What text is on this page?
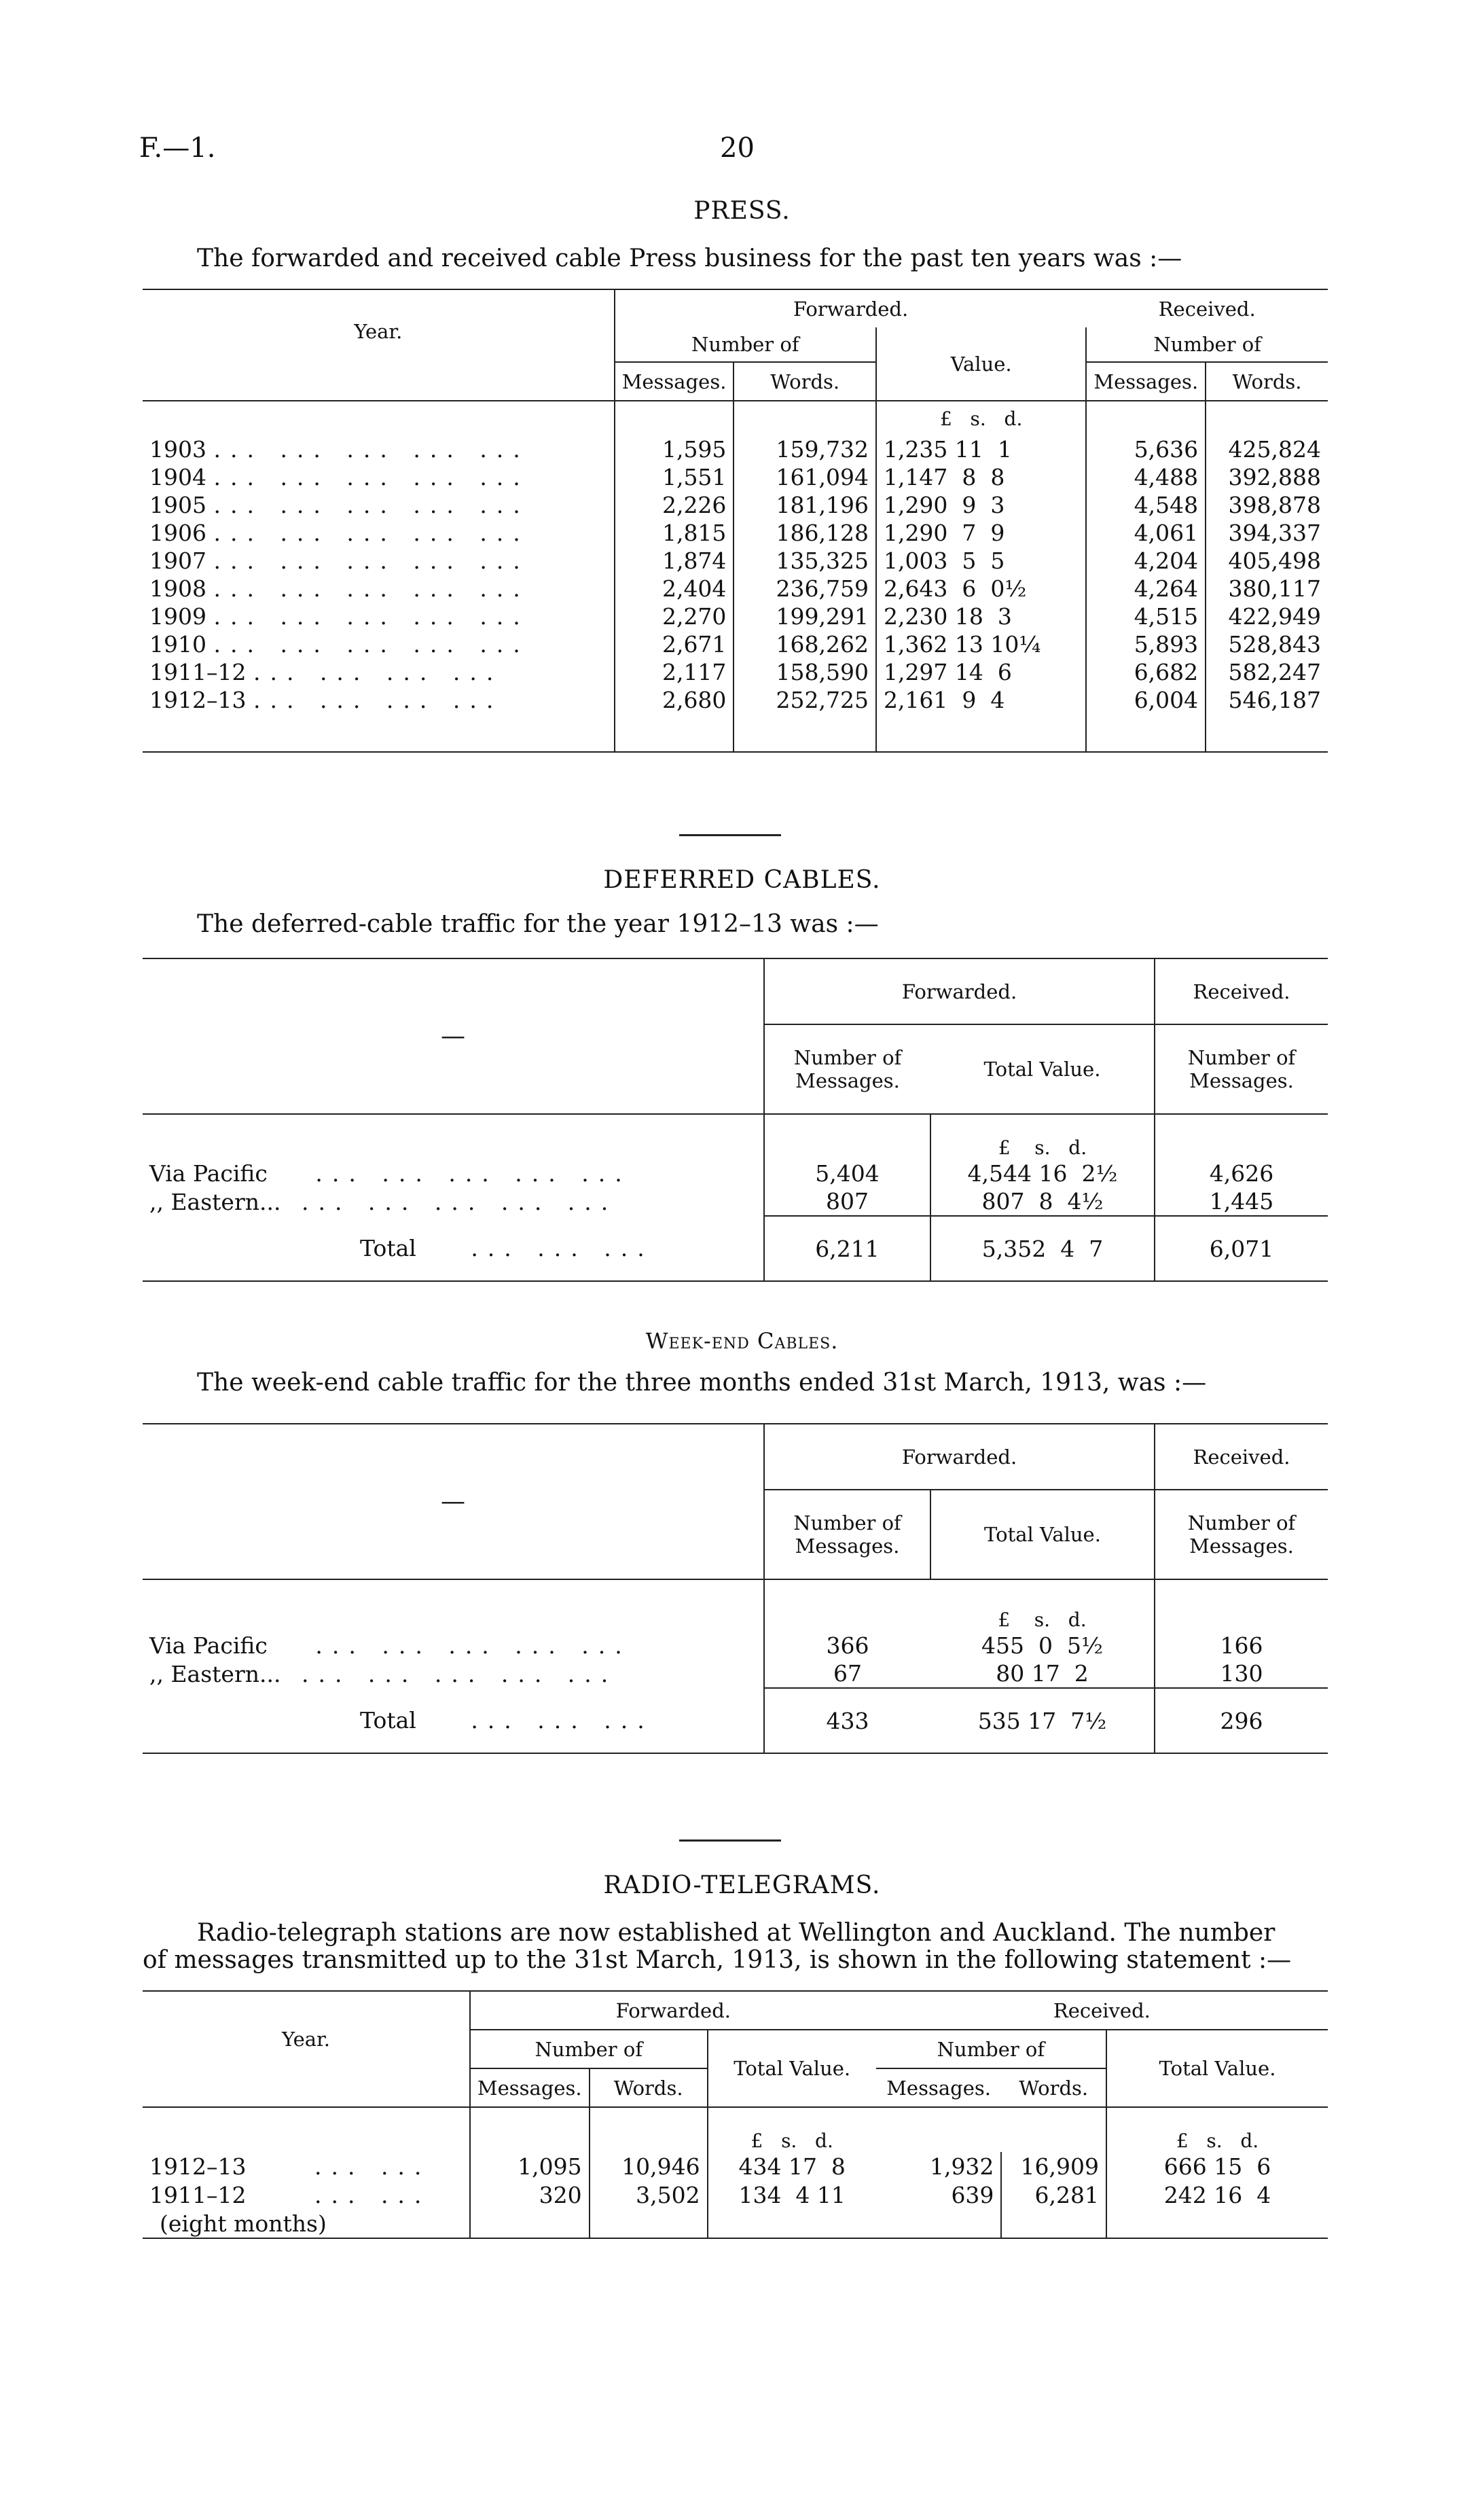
F.—1.	20
PRESS.
The forwarded and received cable Press business for the past ten years was :—
Year.	Forwarded.			Received.	
	Number of		Value.	Number of	
	Messages.	Words.		Messages.	Words.
			£   s.   d.		
1903 ... ... ... ... ...	1,595	159,732	1,235 11  1	5,636	425,824
1904 ... ... ... ... ...	1,551	161,094	1,147  8  8	4,488	392,888
1905 ... ... ... ... ...	2,226	181,196	1,290  9  3	4,548	398,878
1906 ... ... ... ... ...	1,815	186,128	1,290  7  9	4,061	394,337
1907 ... ... ... ... ...	1,874	135,325	1,003  5  5	4,204	405,498
1908 ... ... ... ... ...	2,404	236,759	2,643  6  0½	4,264	380,117
1909 ... ... ... ... ...	2,270	199,291	2,230 18  3	4,515	422,949
1910 ... ... ... ... ...	2,671	168,262	1,362 13 10¼	5,893	528,843
1911–12 ... ... ... ...	2,117	158,590	1,297 14  6	6,682	582,247
1912–13 ... ... ... ...	2,680	252,725	2,161  9  4	6,004	546,187

DEFERRED CABLES.
The deferred-cable traffic for the year 1912–13 was :—
—	Forwarded.		Received.
	Number of Messages.	Total Value.	Number of Messages.
		£    s.   d.	
Via Pacific ... ... ... ... ...	5,404	4,544 16  2½	4,626
,, Eastern... ... ... ... ... ...	807	807  8  4½	1,445
Total ... ... ...	6,211	5,352  4  7	6,071
Week-end Cables.
The week-end cable traffic for the three months ended 31st March, 1913, was :—
—	Forwarded.		Received.
	Number of Messages.	Total Value.	Number of Messages.
		£    s.   d.	
Via Pacific ... ... ... ... ...	366	455  0  5½	166
,, Eastern... ... ... ... ... ...	67	80 17  2	130
Total ... ... ...	433	535 17  7½	296
RADIO-TELEGRAMS.
Radio-telegraph stations are now established at Wellington and Auckland. The number
of messages transmitted up to the 31st March, 1913, is shown in the following statement :—
Year.	Forwarded.			Received.		
	Number of		Total Value.	Number of		Total Value.
	Messages.	Words.		Messages.	Words.	
			£   s.   d.			£   s.   d.
1912–13 ... ...	1,095	10,946	434 17  8	1,932	16,909	666 15  6
1911–12 ... ...	320	3,502	134  4 11	639	6,281	242 16  4
(eight months)						
